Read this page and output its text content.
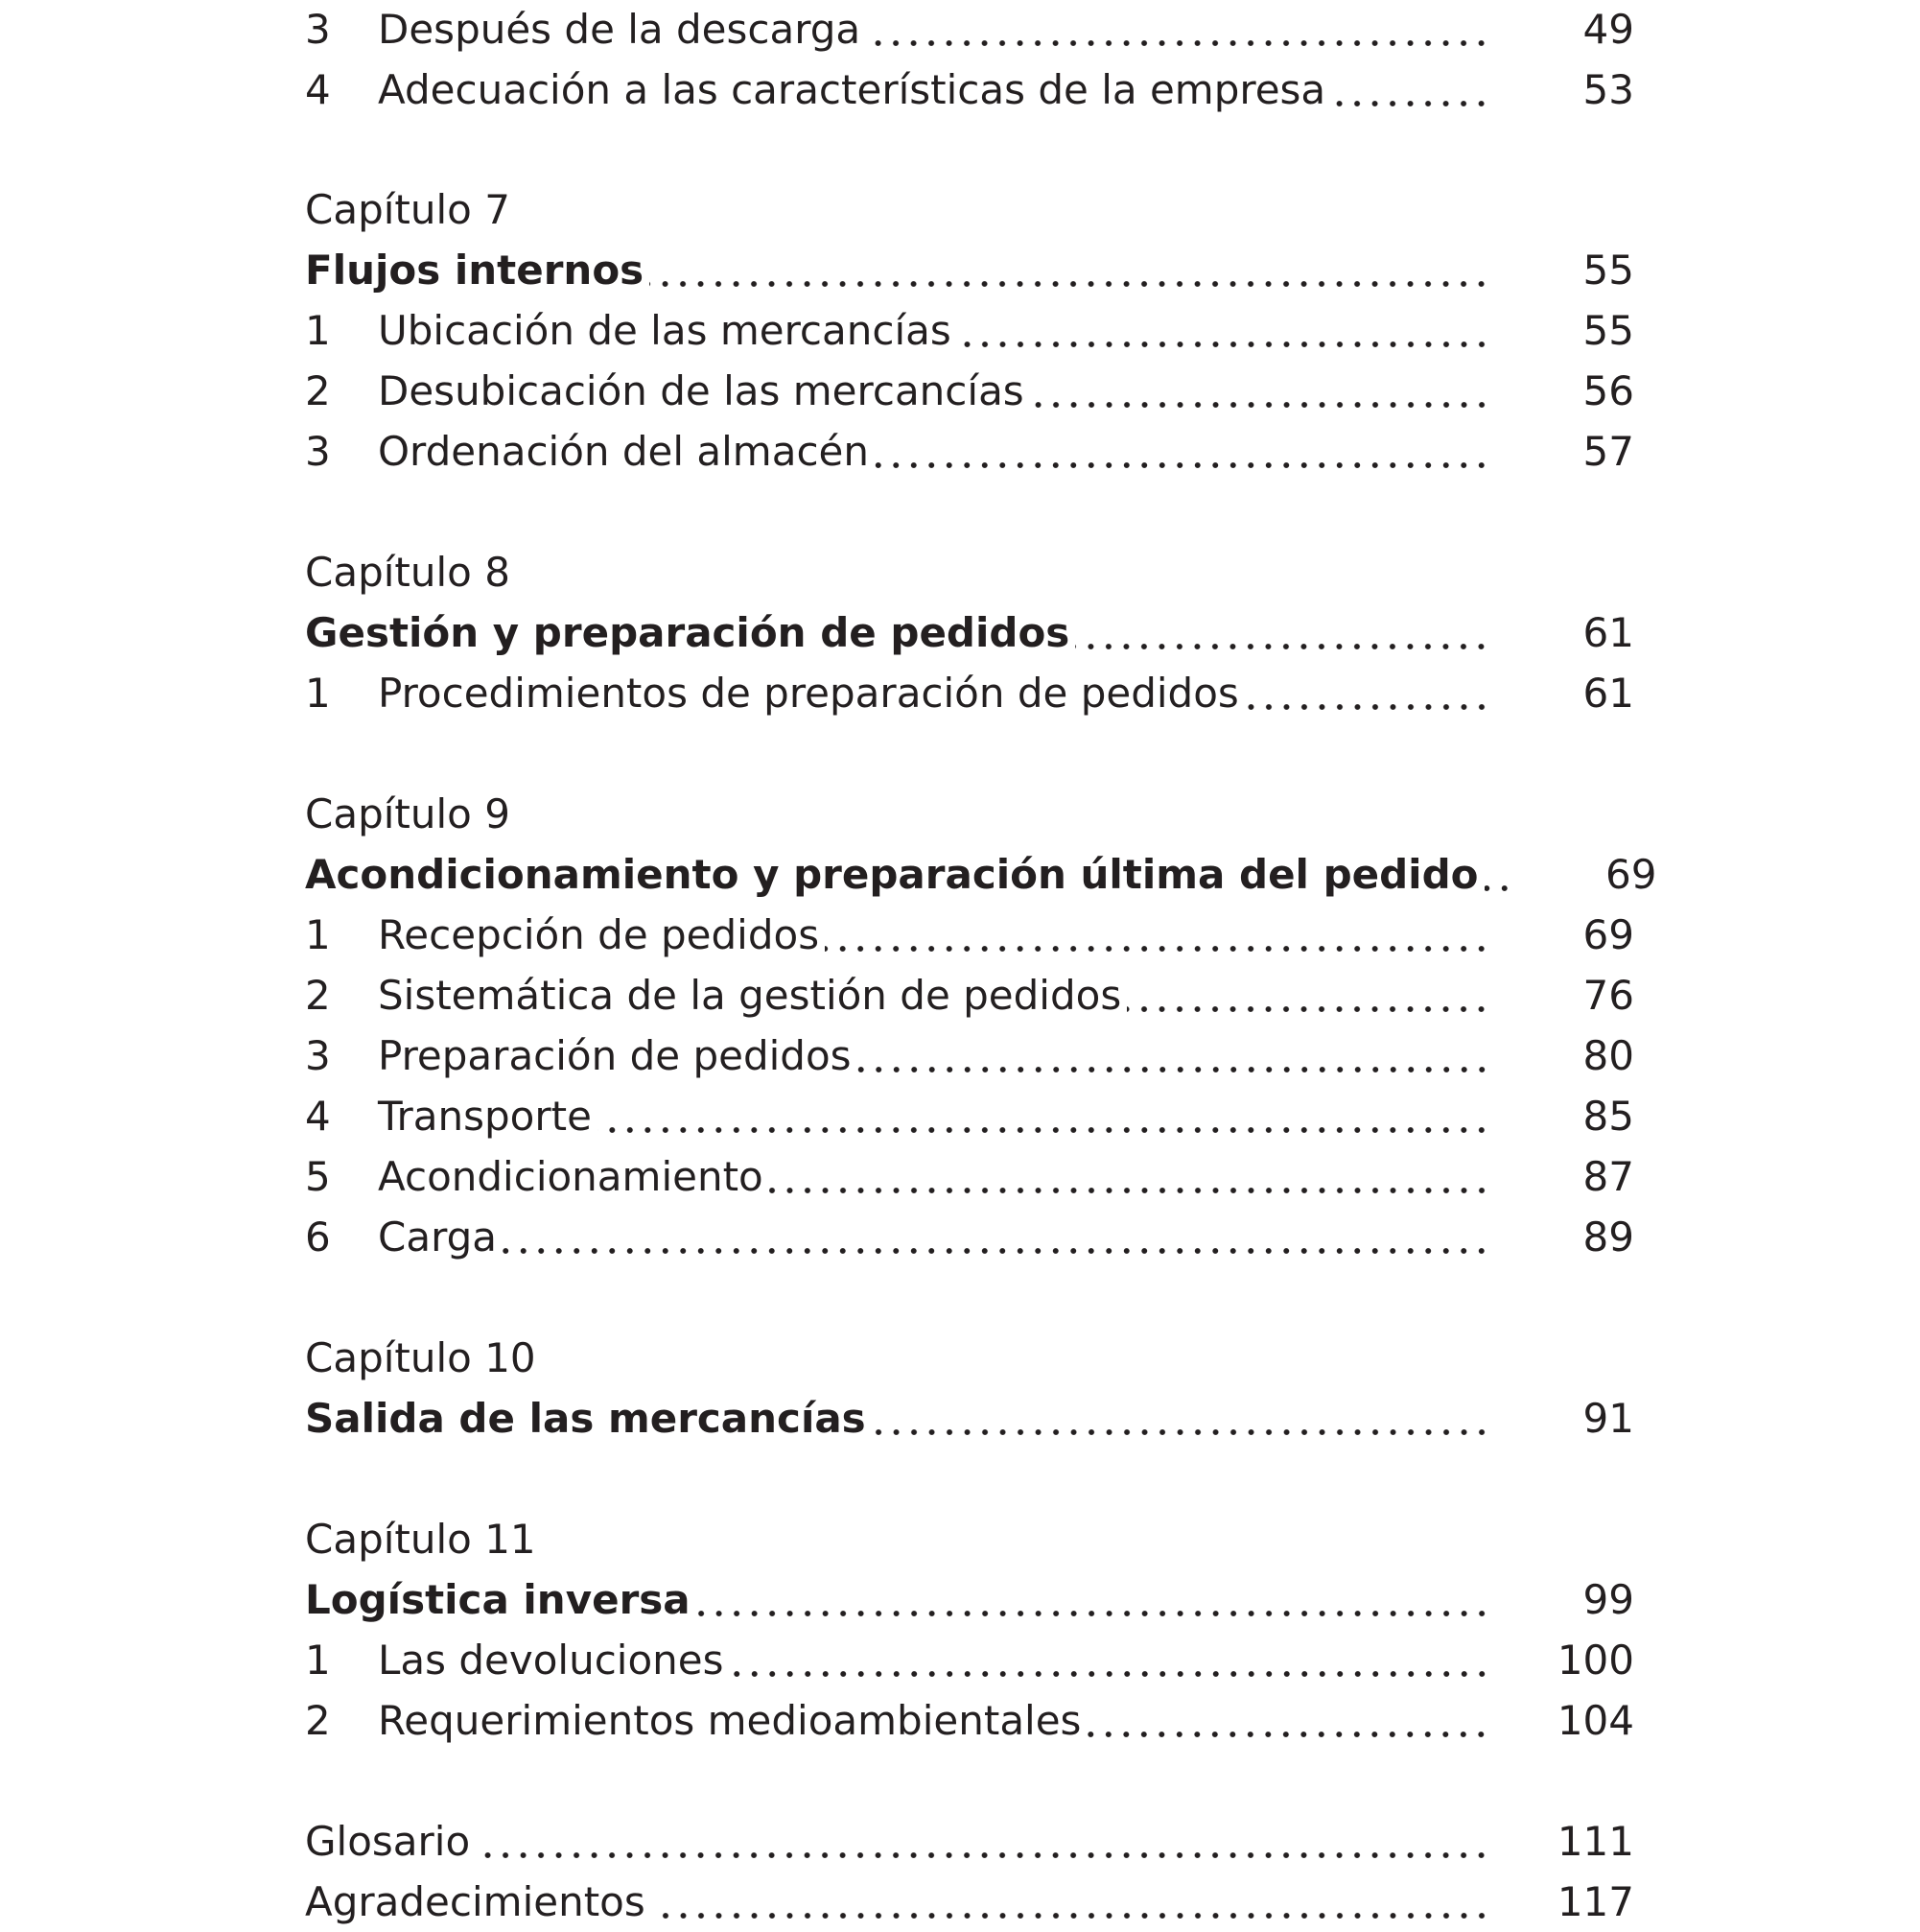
3	Después de la descarga	49
4	Adecuación a las características de la empresa	53
Capítulo 7
Flujos internos	55
1	Ubicación de las mercancías	55
2	Desubicación de las mercancías	56
3	Ordenación del almacén	57
Capítulo 8
Gestión y preparación de pedidos	61
1	Procedimientos de preparación de pedidos	61
Capítulo 9
Acondicionamiento y preparación última del pedido	69
1	Recepción de pedidos	69
2	Sistemática de la gestión de pedidos	76
3	Preparación de pedidos	80
4	Transporte	85
5	Acondicionamiento	87
6	Carga	89
Capítulo 10
Salida de las mercancías	91
Capítulo 11
Logística inversa	99
1	Las devoluciones	100
2	Requerimientos medioambientales	104
Glosario	111
Agradecimientos	117
